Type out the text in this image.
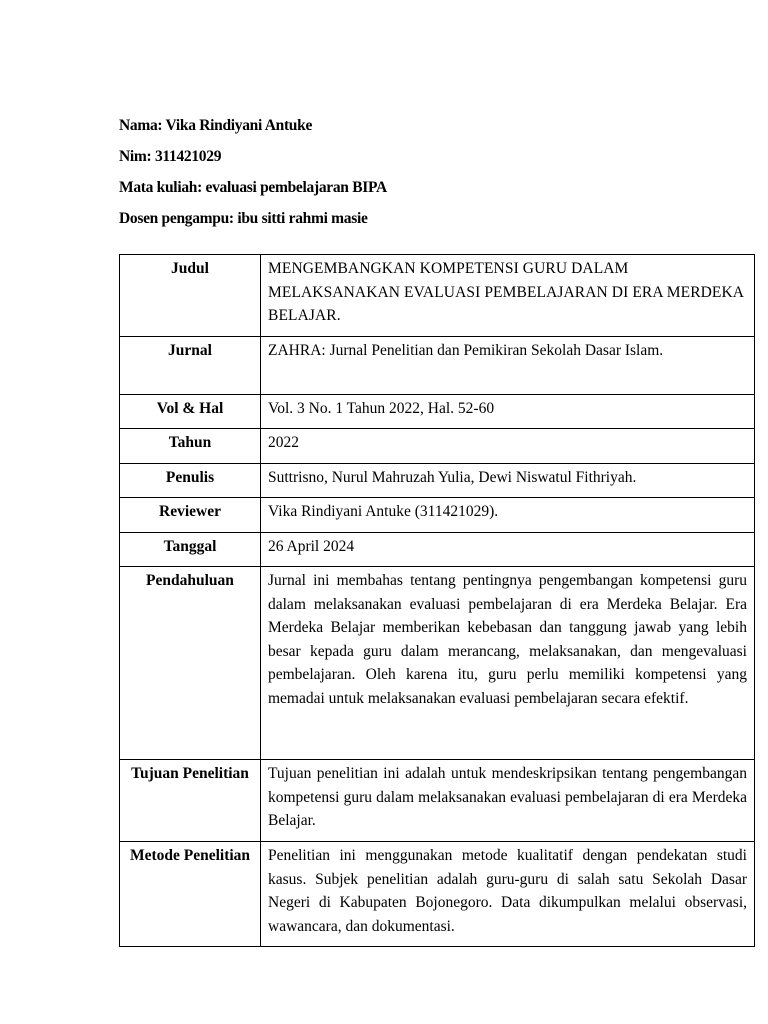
Nama: Vika Rindiyani Antuke
Nim: 311421029
Mata kuliah: evaluasi pembelajaran BIPA
Dosen pengampu: ibu sitti rahmi masie
Judul	MENGEMBANGKAN KOMPETENSI GURU DALAM MELAKSANAKAN EVALUASI PEMBELAJARAN DI ERA MERDEKA BELAJAR.
Jurnal	ZAHRA: Jurnal Penelitian dan Pemikiran Sekolah Dasar Islam.
Vol & Hal	Vol. 3 No. 1 Tahun 2022, Hal. 52-60
Tahun	2022
Penulis	Suttrisno, Nurul Mahruzah Yulia, Dewi Niswatul Fithriyah.
Reviewer	Vika Rindiyani Antuke (311421029).
Tanggal	26 April 2024
Pendahuluan	Jurnal ini membahas tentang pentingnya pengembangan kompetensi guru dalam melaksanakan evaluasi pembelajaran di era Merdeka Belajar. Era Merdeka Belajar memberikan kebebasan dan tanggung jawab yang lebih besar kepada guru dalam merancang, melaksanakan, dan mengevaluasi pembelajaran. Oleh karena itu, guru perlu memiliki kompetensi yang memadai untuk melaksanakan evaluasi pembelajaran secara efektif.
Tujuan Penelitian	Tujuan penelitian ini adalah untuk mendeskripsikan tentang pengembangan kompetensi guru dalam melaksanakan evaluasi pembelajaran di era Merdeka Belajar.
Metode Penelitian	Penelitian ini menggunakan metode kualitatif dengan pendekatan studi kasus. Subjek penelitian adalah guru-guru di salah satu Sekolah Dasar Negeri di Kabupaten Bojonegoro. Data dikumpulkan melalui observasi, wawancara, dan dokumentasi.
